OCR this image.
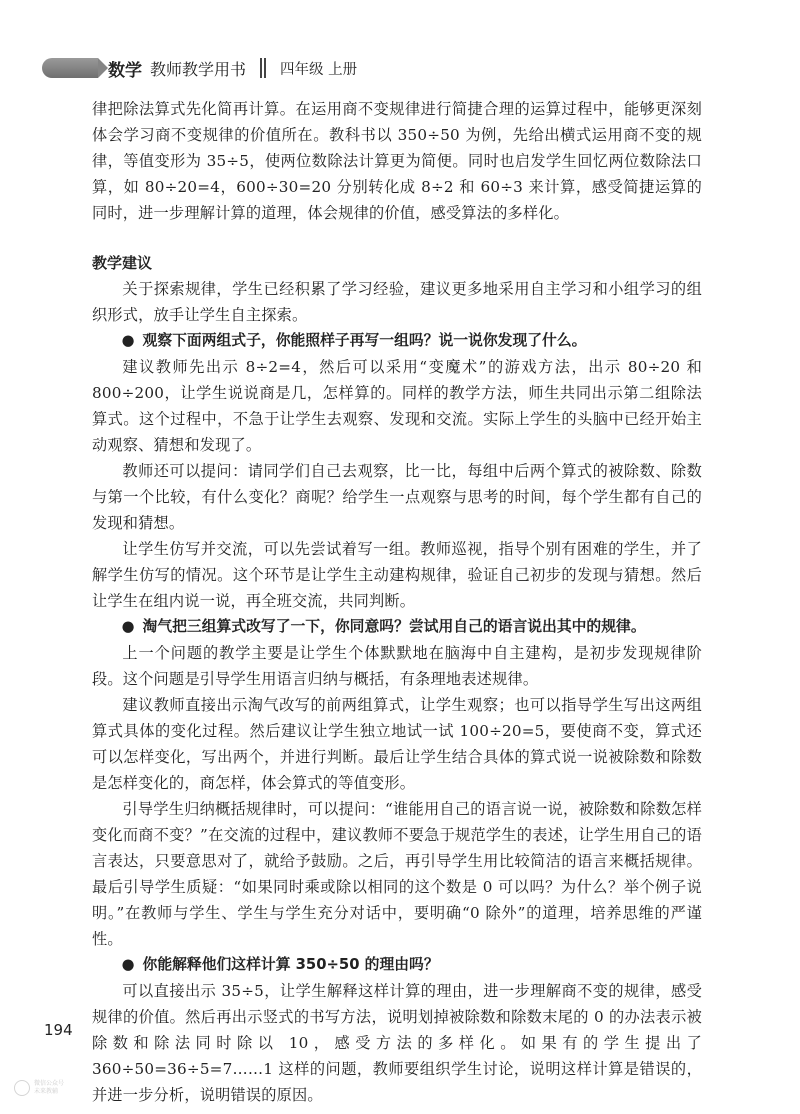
数学 教师教学用书 四年级 上册

律把除法算式先化简再计算。在运用商不变规律进行简捷合理的运算过程中，能够更深刻体会学习商不变规律的价值所在。教科书以 350÷50 为例，先给出横式运用商不变的规律，等值变形为 35÷5，使两位数除法计算更为简便。同时也启发学生回忆两位数除法口算，如 80÷20=4，600÷30=20 分别转化成 8÷2 和 60÷3 来计算，感受简捷运算的同时，进一步理解计算的道理，体会规律的价值，感受算法的多样化。

教学建议

关于探索规律，学生已经积累了学习经验，建议更多地采用自主学习和小组学习的组织形式，放手让学生自主探索。

● 观察下面两组式子，你能照样子再写一组吗？说一说你发现了什么。

建议教师先出示 8÷2=4，然后可以采用“变魔术”的游戏方法，出示 80÷20 和 800÷200，让学生说说商是几，怎样算的。同样的教学方法，师生共同出示第二组除法算式。这个过程中，不急于让学生去观察、发现和交流。实际上学生的头脑中已经开始主动观察、猜想和发现了。

教师还可以提问：请同学们自己去观察，比一比，每组中后两个算式的被除数、除数与第一个比较，有什么变化？商呢？给学生一点观察与思考的时间，每个学生都有自己的发现和猜想。

让学生仿写并交流，可以先尝试着写一组。教师巡视，指导个别有困难的学生，并了解学生仿写的情况。这个环节是让学生主动建构规律，验证自己初步的发现与猜想。然后让学生在组内说一说，再全班交流，共同判断。

● 淘气把三组算式改写了一下，你同意吗？尝试用自己的语言说出其中的规律。

上一个问题的教学主要是让学生个体默默地在脑海中自主建构，是初步发现规律阶段。这个问题是引导学生用语言归纳与概括，有条理地表述规律。

建议教师直接出示淘气改写的前两组算式，让学生观察；也可以指导学生写出这两组算式具体的变化过程。然后建议让学生独立地试一试 100÷20=5，要使商不变，算式还可以怎样变化，写出两个，并进行判断。最后让学生结合具体的算式说一说被除数和除数是怎样变化的，商怎样，体会算式的等值变形。

引导学生归纳概括规律时，可以提问：“谁能用自己的语言说一说，被除数和除数怎样变化而商不变？”在交流的过程中，建议教师不要急于规范学生的表述，让学生用自己的语言表达，只要意思对了，就给予鼓励。之后，再引导学生用比较简洁的语言来概括规律。最后引导学生质疑：“如果同时乘或除以相同的这个数是 0 可以吗？为什么？举个例子说明。”在教师与学生、学生与学生充分对话中，要明确“0 除外”的道理，培养思维的严谨性。

● 你能解释他们这样计算 350÷50 的理由吗？

可以直接出示 35÷5，让学生解释这样计算的理由，进一步理解商不变的规律，感受规律的价值。然后再出示竖式的书写方法，说明划掉被除数和除数末尾的 0 的办法表示被除数和除法同时除以 10，感受方法的多样化。如果有的学生提出了 360÷50=36÷5=7……1 这样的问题，教师要组织学生讨论，说明这样计算是错误的，并进一步分析，说明错误的原因。

194
微信公众号
未来教辅
